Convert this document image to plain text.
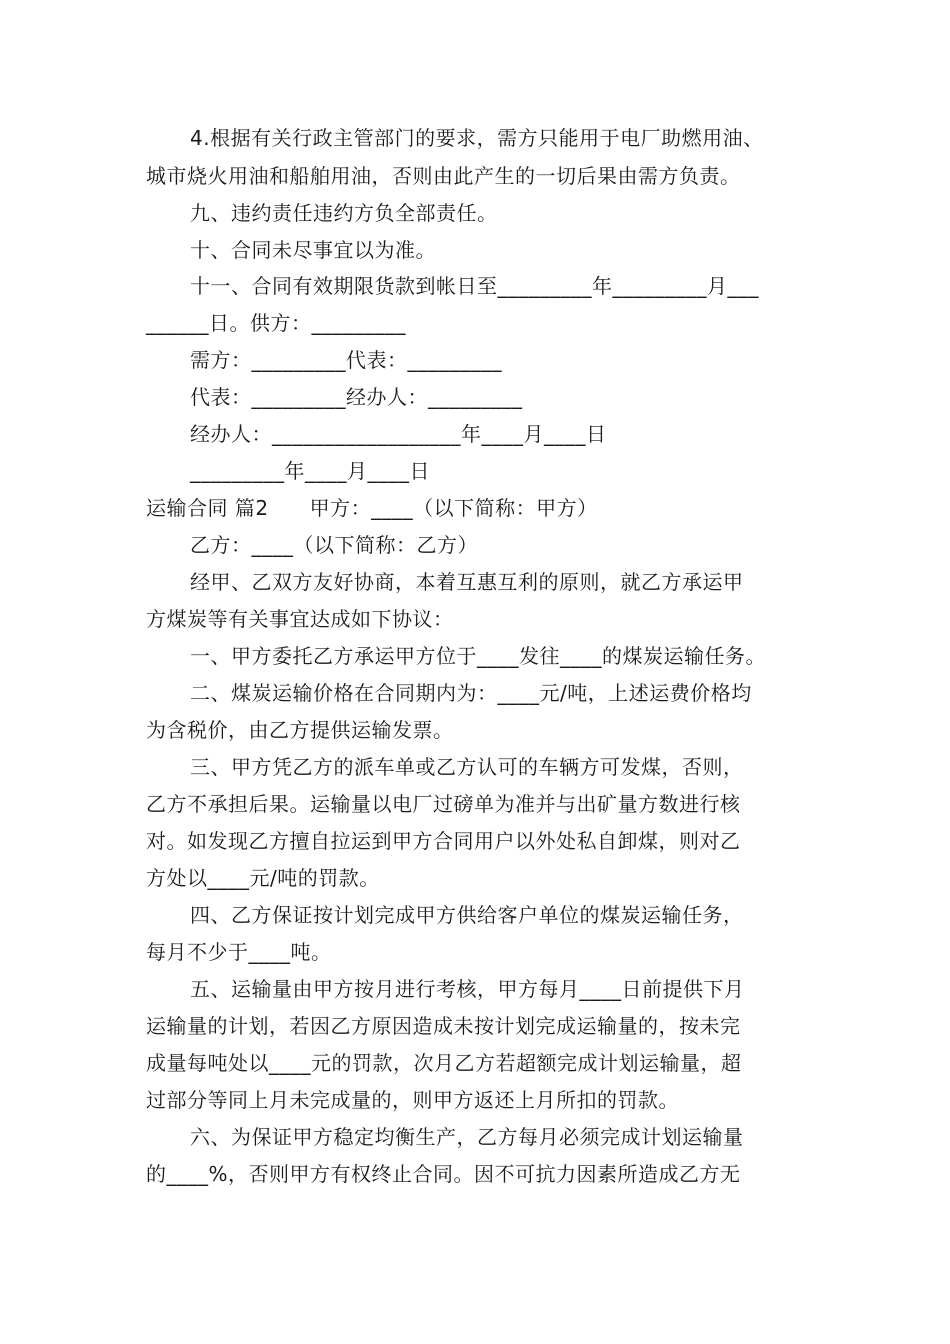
4.根据有关行政主管部门的要求，需方只能用于电厂助燃用油、
城市烧火用油和船舶用油，否则由此产生的一切后果由需方负责。
九、违约责任违约方负全部责任。
十、合同未尽事宜以为准。
十一、合同有效期限货款到帐日至_________年_________月___
______日。供方：_________
需方：_________代表：_________
代表：_________经办人：_________
经办人：__________________年____月____日
_________年____月____日
运输合同 篇2　　甲方：____（以下简称：甲方）
乙方：____（以下简称：乙方）
经甲、乙双方友好协商，本着互惠互利的原则，就乙方承运甲
方煤炭等有关事宜达成如下协议：
一、甲方委托乙方承运甲方位于____发往____的煤炭运输任务。
二、煤炭运输价格在合同期内为：____元/吨，上述运费价格均
为含税价，由乙方提供运输发票。
三、甲方凭乙方的派车单或乙方认可的车辆方可发煤，否则，
乙方不承担后果。运输量以电厂过磅单为准并与出矿量方数进行核
对。如发现乙方擅自拉运到甲方合同用户以外处私自卸煤，则对乙
方处以____元/吨的罚款。
四、乙方保证按计划完成甲方供给客户单位的煤炭运输任务，
每月不少于____吨。
五、运输量由甲方按月进行考核，甲方每月____日前提供下月
运输量的计划，若因乙方原因造成未按计划完成运输量的，按未完
成量每吨处以____元的罚款，次月乙方若超额完成计划运输量，超
过部分等同上月未完成量的，则甲方返还上月所扣的罚款。
六、为保证甲方稳定均衡生产，乙方每月必须完成计划运输量
的____%，否则甲方有权终止合同。因不可抗力因素所造成乙方无
